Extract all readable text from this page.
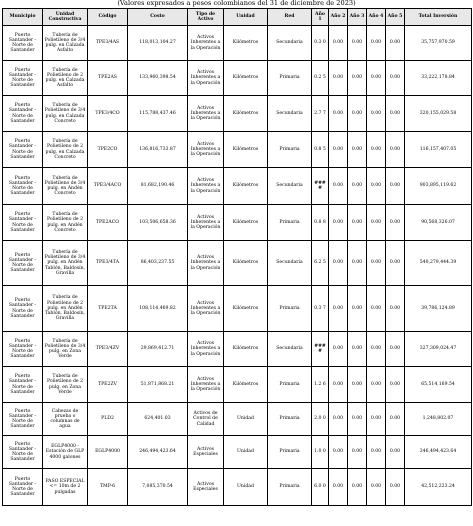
(Valores expresados a pesos colombianos del 31 de diciembre de 2023)
Municipio	Unidad Constructiva	Código	Costo	Tipo de Activo	Unidad	Red	Año 1	Año 2	Año 3	Año 4	Año 5	Total Inversión
Puerto Santander - Norte de Santander	Tubería de Polietileno de 3/4 pulg. en Calzada Asfalto	TPE3/4AS	118,013,104.27	Activos Inherentes a la Operación	Kilómetros	Secundaria	0.3 0	0.00	0.00	0.00	0.00	35,757,970.59
Puerto Santander - Norte de Santander	Tubería de Polietileno de 2 pulg. en Calzada Asfalto	TPE2AS	133,960,398.54	Activos Inherentes a la Operación	Kilómetros	Primaria	0.2 5	0.00	0.00	0.00	0.00	33,222,178.84
Puerto Santander - Norte de Santander	Tubería de Polietileno de 3/4 pulg. en Calzada Concreto	TPE3/4CO	115,788,437.46	Activos Inherentes a la Operación	Kilómetros	Secundaria	2.7 7	0.00	0.00	0.00	0.00	320,155,029.58
Puerto Santander - Norte de Santander	Tubería de Polietileno de 2 pulg. en Calzada Concreto	TPE2CO	136,816,733.87	Activos Inherentes a la Operación	Kilómetros	Primaria	0.8 5	0.00	0.00	0.00	0.00	116,157,407.05
Puerto Santander - Norte de Santander	Tubería de Polietileno de 3/4 pulg. en Andén Concreto	TPE3/4ACO	81,682,190.46	Activos Inherentes a la Operación	Kilómetros	Secundaria	### #	0.00	0.00	0.00	0.00	903,895,119.62
Puerto Santander - Norte de Santander	Tubería de Polietileno de 2 pulg. en Andén Concreto	TPE2ACO	103,506,658.36	Activos Inherentes a la Operación	Kilómetros	Primaria	0.8 8	0.00	0.00	0.00	0.00	90,568,326.07
Puerto Santander - Norte de Santander	Tubería de Polietileno de 3/4 pulg. en Andén Tablón, Baldosín, Gravilla	TPE3/4TA	86,403,237.55	Activos Inherentes a la Operación	Kilómetros	Secundaria	6.2 5	0.00	0.00	0.00	0.00	540,279,444.39
Puerto Santander - Norte de Santander	Tubería de Polietileno de 2 pulg. en Andén Tablón, Baldosín, Gravilla	TPE2TA	108,114,469.82	Activos Inherentes a la Operación	Kilómetros	Primaria	0.3 7	0.00	0.00	0.00	0.00	39,786,124.89
Puerto Santander - Norte de Santander	Tubería de Polietileno de 3/4 pulg. en Zona Verde	TPE3/4ZV	29,869,412.71	Activos Inherentes a la Operación	Kilómetros	Secundaria	### #	0.00	0.00	0.00	0.00	327,309,024.47
Puerto Santander - Norte de Santander	Tubería de Polietileno de 2 pulg. en Zona Verde	TPE2ZV	51,871,868.21	Activos Inherentes a la Operación	Kilómetros	Primaria	1.2 6	0.00	0.00	0.00	0.00	65,514,169.54
Puerto Santander - Norte de Santander	Cabezas de prueba o columnas de agua	PLD2	624,401.03	Activos de Control de Calidad	Unidad	Primaria	2.0 0	0.00	0.00	0.00	0.00	1,248,802.07
Puerto Santander - Norte de Santander	EGLP4000 - Estación de GLP 4000 galones	EGLP4000	246,494,423.64	Activos Especiales	Unidad	Primaria	1.0 0	0.00	0.00	0.00	0.00	246,494,423.64
Puerto Santander - Norte de Santander	PASO ESPECIAL <= 10m de 2 pulgadas	TMP-6	7,085,370.54	Activos Especiales	Unidad	Primaria	6.0 0	0.00	0.00	0.00	0.00	42,512,223.24
